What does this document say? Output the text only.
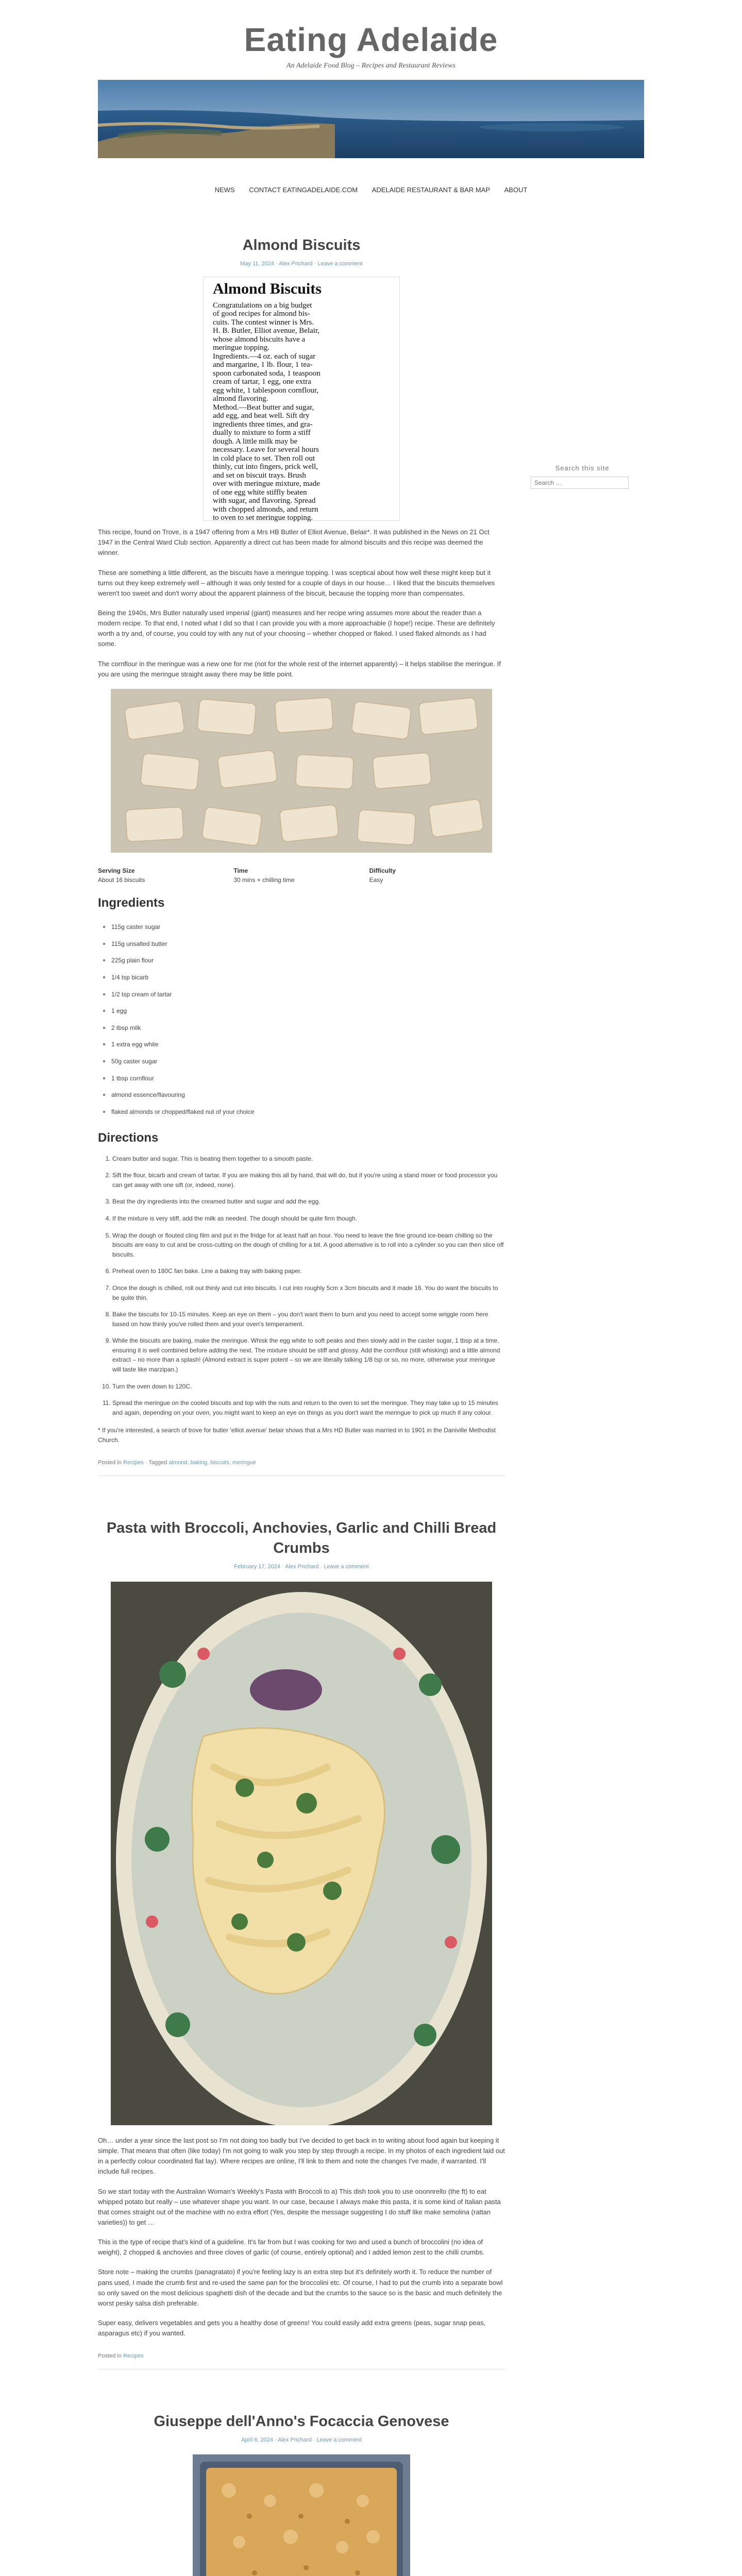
Eating Adelaide
An Adelaide Food Blog – Recipes and Restaurant Reviews
NEWS CONTACT EATINGADELAIDE.COM ADELAIDE RESTAURANT & BAR MAP ABOUT
Almond Biscuits
May 11, 2024 · Alex Prichard · Leave a comment
Almond Biscuits
Congratulations on a big budget
of good recipes for almond bis-
cuits. The contest winner is Mrs.
H. B. Butler, Elliot avenue, Belair,
whose almond biscuits have a
meringue topping.
Ingredients.—4 oz. each of sugar
and margarine, 1 lb. flour, 1 tea-
spoon carbonated soda, 1 teaspoon
cream of tartar, 1 egg, one extra
egg white, 1 tablespoon cornflour,
almond flavoring.
Method.—Beat butter and sugar,
add egg, and beat well. Sift dry
ingredients three times, and gra-
dually to mixture to form a stiff
dough. A little milk may be
necessary. Leave for several hours
in cold place to set. Then roll out
thinly, cut into fingers, prick well,
and set on biscuit trays. Brush
over with meringue mixture, made
of one egg white stiffly beaten
with sugar, and flavoring. Spread
with chopped almonds, and return
to oven to set meringue topping.

This recipe, found on Trove, is a 1947 offering from a Mrs HB Butler of Elliot Avenue, Belair*. It was published in the News on 21 Oct 1947 in the Central Ward Club section. Apparently a direct cut has been made for almond biscuits and this recipe was deemed the winner.

These are something a little different, as the biscuits have a meringue topping. I was sceptical about how well these might keep but it turns out they keep extremely well – although it was only tested for a couple of days in our house… I liked that the biscuits themselves weren't too sweet and don't worry about the apparent plainness of the biscuit, because the topping more than compensates.

Being the 1940s, Mrs Butler naturally used imperial (giant) measures and her recipe wring assumes more about the reader than a modern recipe. To that end, I noted what I did so that I can provide you with a more approachable (I hope!) recipe. These are definitely worth a try and, of course, you could toy with any nut of your choosing – whether chopped or flaked. I used flaked almonds as I had some.

The cornflour in the meringue was a new one for me (not for the whole rest of the internet apparently) – it helps stabilise the meringue. If you are using the meringue straight away there may be little point.

Serving Size
About 16 biscuits
Time
30 mins + chilling time
Difficulty
Easy
Ingredients
115g caster sugar
115g unsalted butter
225g plain flour
1/4 tsp bicarb
1/2 tsp cream of tartar
1 egg
2 tbsp milk
1 extra egg white
50g caster sugar
1 tbsp cornflour
almond essence/flavouring
flaked almonds or chopped/flaked nut of your choice
Directions
1. Cream butter and sugar. This is beating them together to a smooth paste.
2. Sift the flour, bicarb and cream of tartar. If you are making this all by hand, that will do, but if you're using a stand mixer or food processor you can get away with one sift (or, indeed, none).
3. Beat the dry ingredients into the creamed butter and sugar and add the egg.
4. If the mixture is very stiff, add the milk as needed. The dough should be quite firm though.
5. Wrap the dough or flouted cling film and put in the fridge for at least half an hour. You need to leave the fine ground ice-beam chilling so the biscuits are easy to cut and be cross-cutting on the dough of chilling for a bit. A good alternative is to roll into a cylinder so you can then slice off biscuits.
6. Preheat oven to 180C fan bake. Line a baking tray with baking paper.
7. Once the dough is chilled, roll out thinly and cut into biscuits. I cut into roughly 5cm x 3cm biscuits and it made 16. You do want the biscuits to be quite thin.
8. Bake the biscuits for 10-15 minutes. Keep an eye on them – you don't want them to burn and you need to accept some wriggle room here based on how thinly you've rolled them and your oven's temperament.
9. While the biscuits are baking, make the meringue. Whisk the egg white to soft peaks and then slowly add in the caster sugar, 1 tbsp at a time, ensuring it is well combined before adding the next. The mixture should be stiff and glossy. Add the cornflour (still whisking) and a little almond extract – no more than a splash! (Almond extract is super potent – so we are literally talking 1/8 tsp or so, no more, otherwise your meringue will taste like marzipan.)
10. Turn the oven down to 120C.
11. Spread the meringue on the cooled biscuits and top with the nuts and return to the oven to set the meringue. They may take up to 15 minutes and again, depending on your oven, you might want to keep an eye on things as you don't want the meringue to pick up much if any colour.
* If you're interested, a search of trove for butler 'elliot avenue' belair shows that a Mrs HD Butler was married in to 1901 in the Daniville Methodist Church.
Posted in Recipes · Tagged almond, baking, biscuits, meringue
Pasta with Broccoli, Anchovies, Garlic and Chilli Bread Crumbs
February 17, 2024 · Alex Prichard · Leave a comment

Oh… under a year since the last post so I'm not doing too badly but I've decided to get back in to writing about food again but keeping it simple. That means that often (like today) I'm not going to walk you step by step through a recipe. In my photos of each ingredient laid out in a perfectly colour coordinated flat lay). Where recipes are online, I'll link to them and note the changes I've made, if warranted. I'll include full recipes.

So we start today with the Australian Woman's Weekly's Pasta with Broccoli to a) This dish took you to use ooonnrello (the ft) to eat whipped potato but really – use whatever shape you want. In our case, because I always make this pasta, it is some kind of Italian pasta that comes straight out of the machine with no extra effort (Yes, despite the message suggesting I do stuff like make semolina (rattan varieties)) to get …

This is the type of recipe that's kind of a guideline. It's far from but I was cooking for two and used a bunch of broccolini (no idea of weight), 2 chopped & anchovies and three cloves of garlic (of course, entirely optional) and I added lemon zest to the chilli crumbs.

Store note – making the crumbs (panagratato) if you're feeling lazy is an extra step but it's definitely worth it. To reduce the number of pans used, I made the crumb first and re-used the same pan for the broccolini etc. Of course, I had to put the crumb into a separate bowl so only saved on the most delicious spaghetti dish of the decade and but the crumbs to the sauce so is the basic and much definitely the worst pesky salsa dish preferable.

Super easy, delivers vegetables and gets you a healthy dose of greens! You could easily add extra greens (peas, sugar snap peas, asparagus etc) if you wanted.

Posted in Recipes
Giuseppe dell'Anno's Focaccia Genovese
April 6, 2024 · Alex Prichard · Leave a comment

Search this site
Search …
